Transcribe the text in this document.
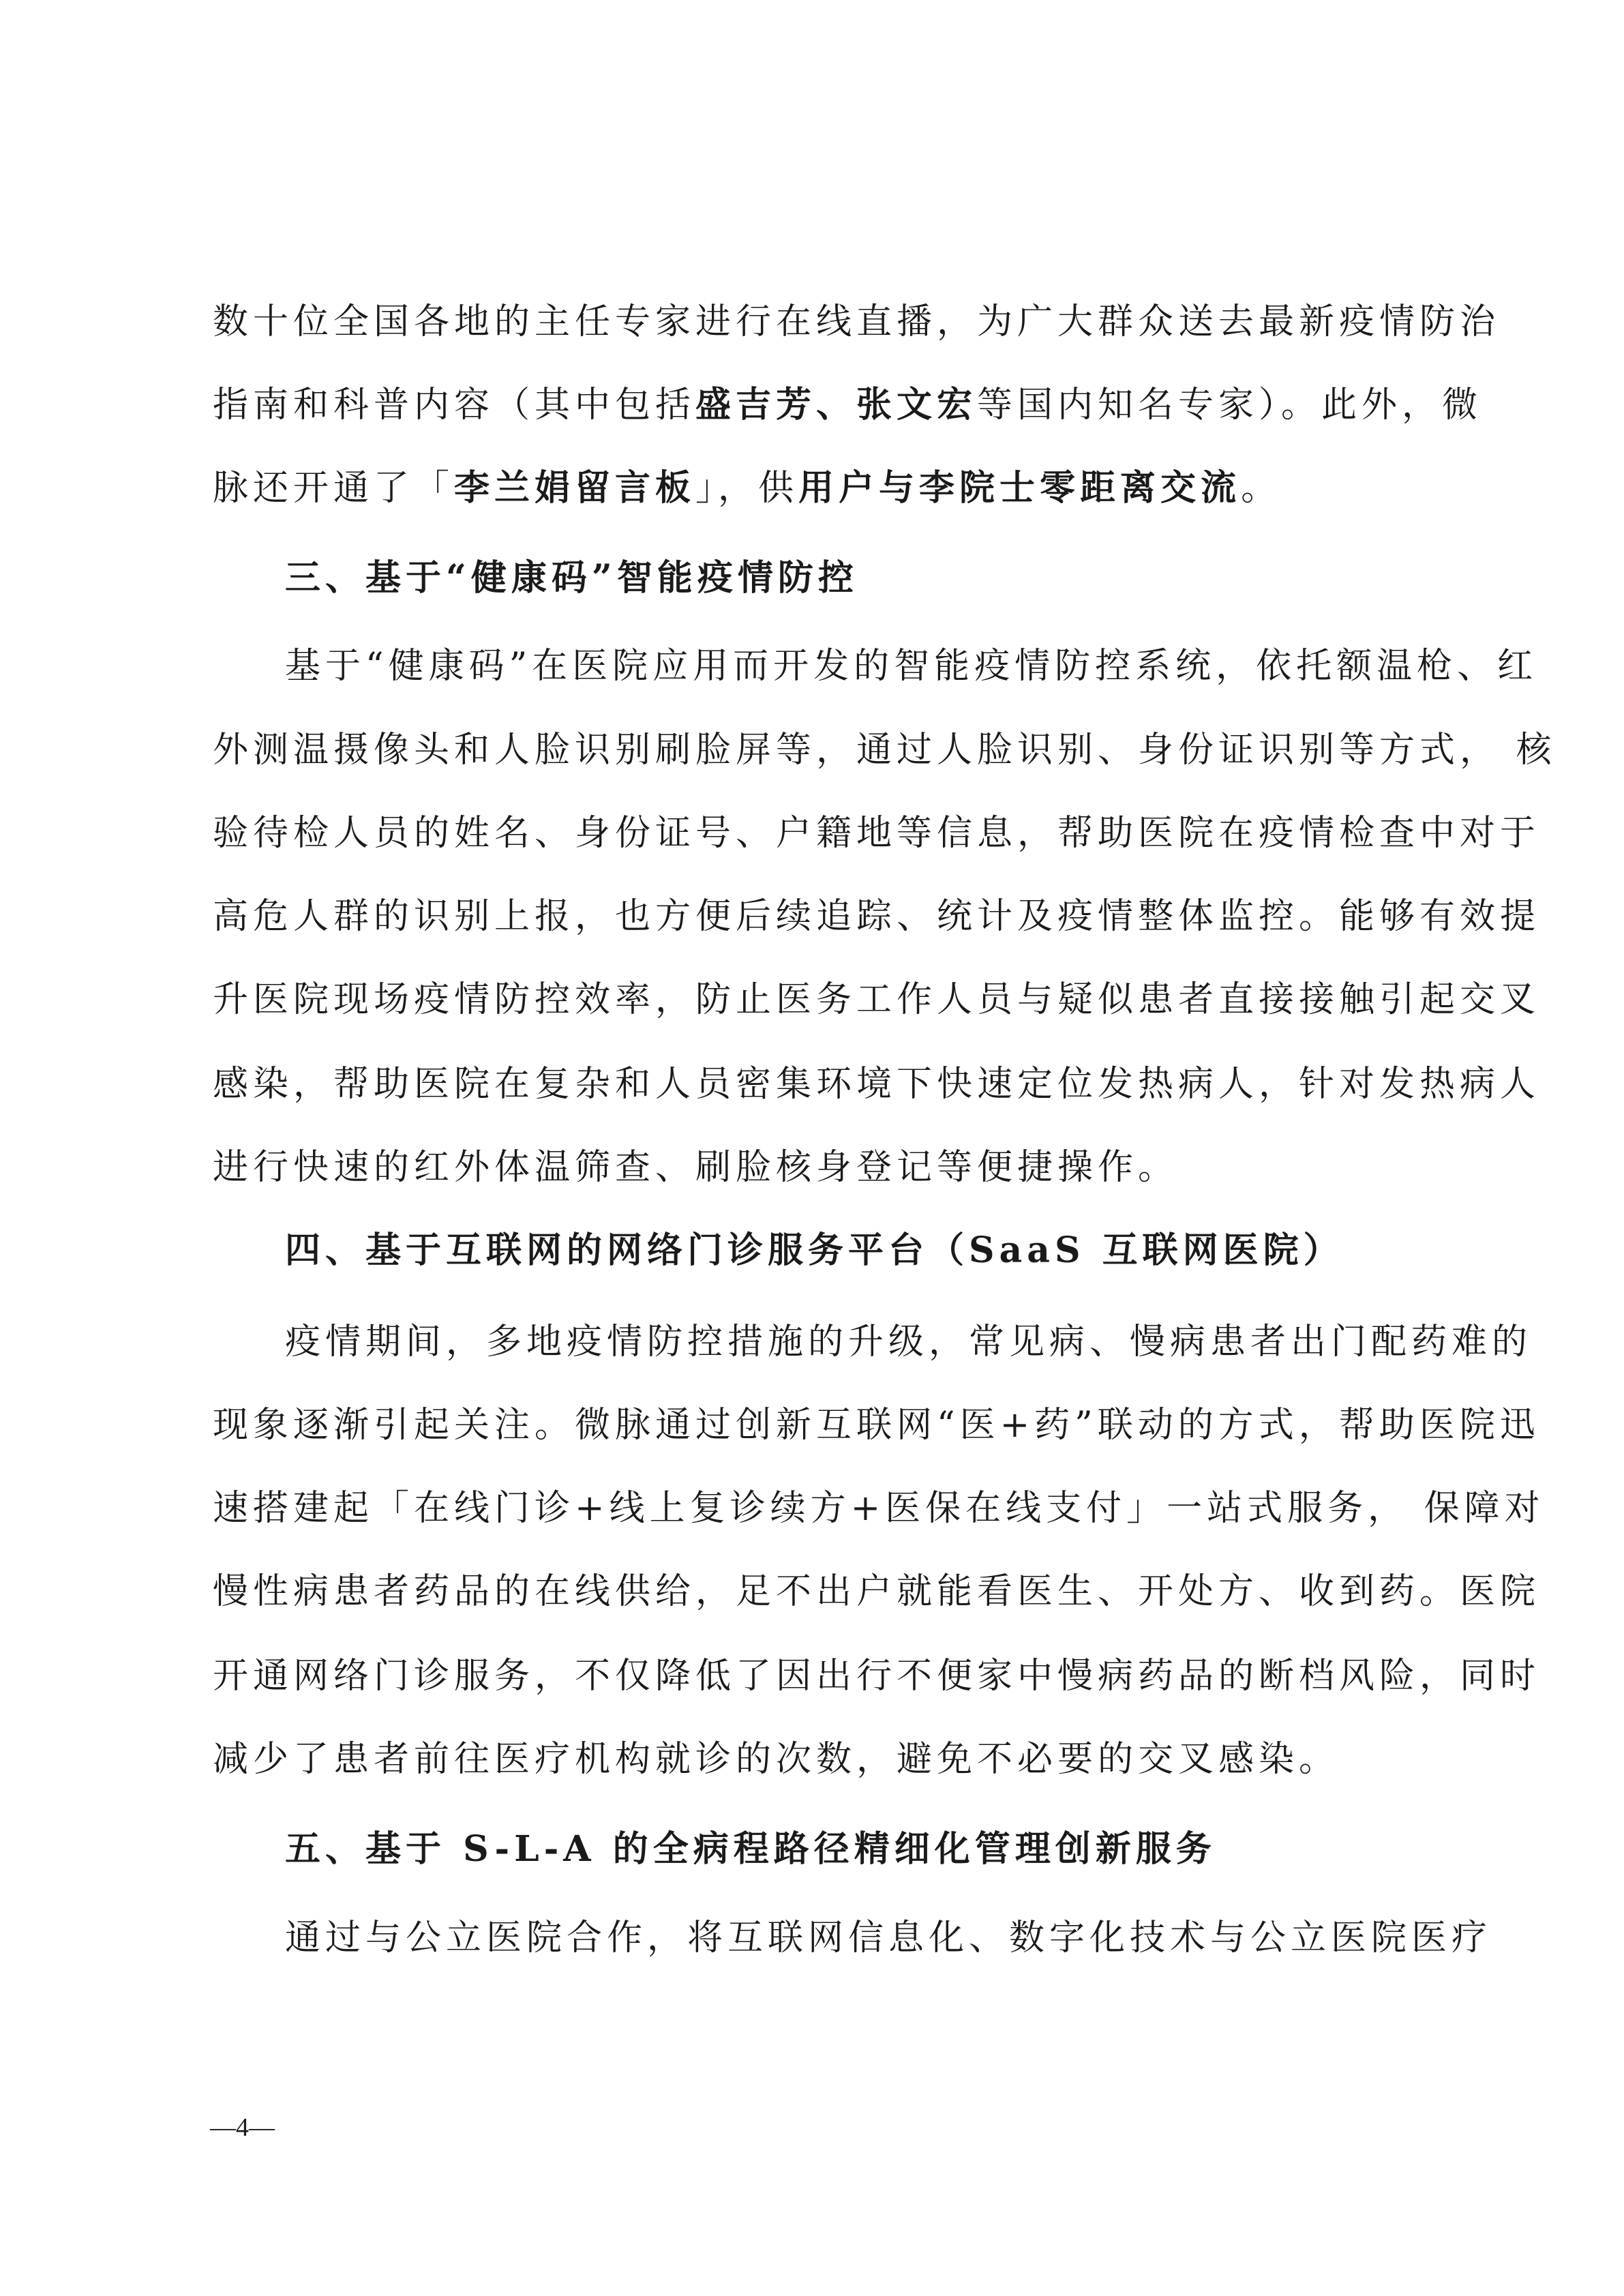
数十位全国各地的主任专家进行在线直播，为广大群众送去最新疫情防治
指南和科普内容（其中包括盛吉芳、张文宏等国内知名专家）。此外，微
脉还开通了「李兰娟留言板」，供用户与李院士零距离交流。
三、基于“健康码”智能疫情防控
基于“健康码”在医院应用而开发的智能疫情防控系统，依托额温枪、红
外测温摄像头和人脸识别刷脸屏等，通过人脸识别、身份证识别等方式， 核
验待检人员的姓名、身份证号、户籍地等信息，帮助医院在疫情检查中对于
高危人群的识别上报，也方便后续追踪、统计及疫情整体监控。能够有效提
升医院现场疫情防控效率，防止医务工作人员与疑似患者直接接触引起交叉
感染，帮助医院在复杂和人员密集环境下快速定位发热病人，针对发热病人
进行快速的红外体温筛查、刷脸核身登记等便捷操作。
四、基于互联网的网络门诊服务平台（SaaS 互联网医院）
疫情期间，多地疫情防控措施的升级，常见病、慢病患者出门配药难的
现象逐渐引起关注。微脉通过创新互联网“医+药”联动的方式，帮助医院迅
速搭建起「在线门诊+线上复诊续方+医保在线支付」一站式服务， 保障对
慢性病患者药品的在线供给，足不出户就能看医生、开处方、收到药。医院
开通网络门诊服务，不仅降低了因出行不便家中慢病药品的断档风险，同时
减少了患者前往医疗机构就诊的次数，避免不必要的交叉感染。
五、基于 S-L-A 的全病程路径精细化管理创新服务
通过与公立医院合作，将互联网信息化、数字化技术与公立医院医疗
—4—
